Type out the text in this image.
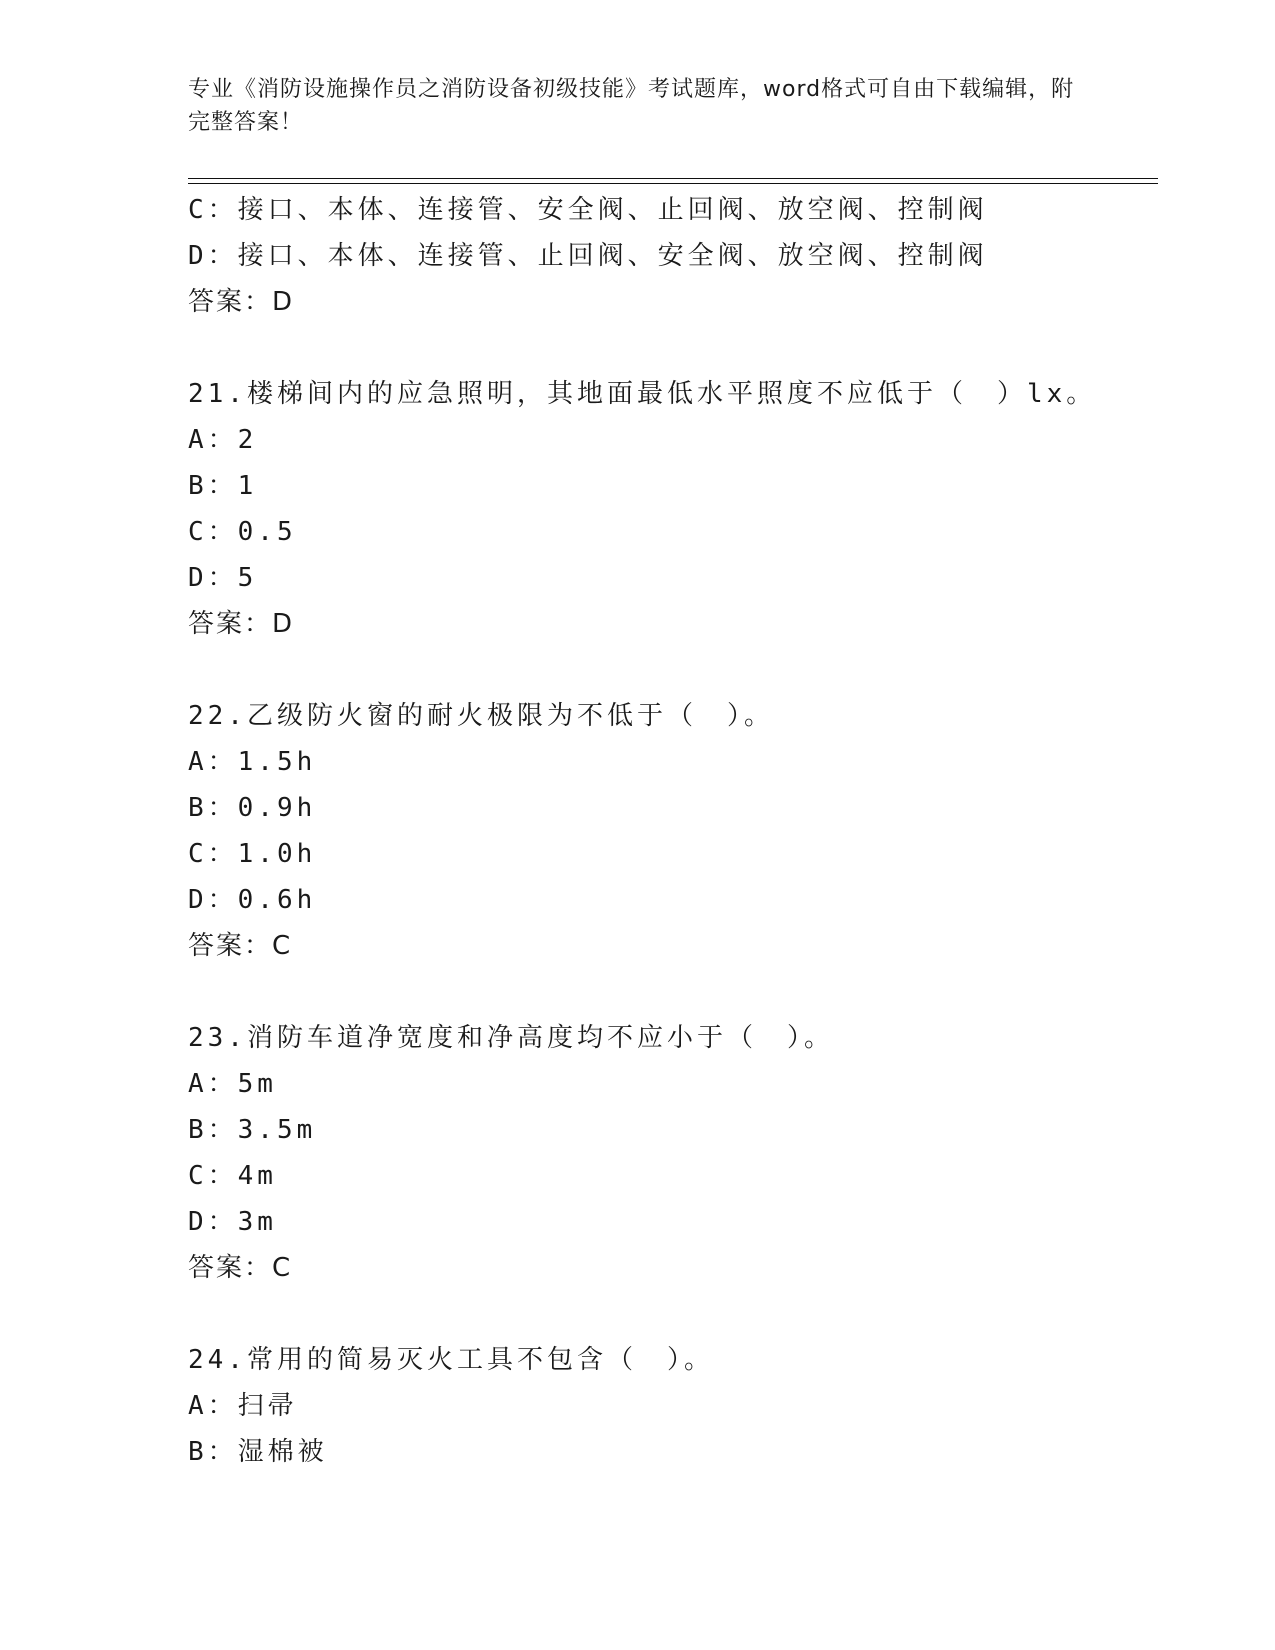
专业《消防设施操作员之消防设备初级技能》考试题库，word格式可自由下载编辑，附完整答案！
C：接口、本体、连接管、安全阀、止回阀、放空阀、控制阀
D：接口、本体、连接管、止回阀、安全阀、放空阀、控制阀
答案：D
21.楼梯间内的应急照明，其地面最低水平照度不应低于（　）lx。
A：2
B：1
C：0.5
D：5
答案：D
22.乙级防火窗的耐火极限为不低于（　）。
A：1.5h
B：0.9h
C：1.0h
D：0.6h
答案：C
23.消防车道净宽度和净高度均不应小于（　）。
A：5m
B：3.5m
C：4m
D：3m
答案：C
24.常用的简易灭火工具不包含（　）。
A：扫帚
B：湿棉被
